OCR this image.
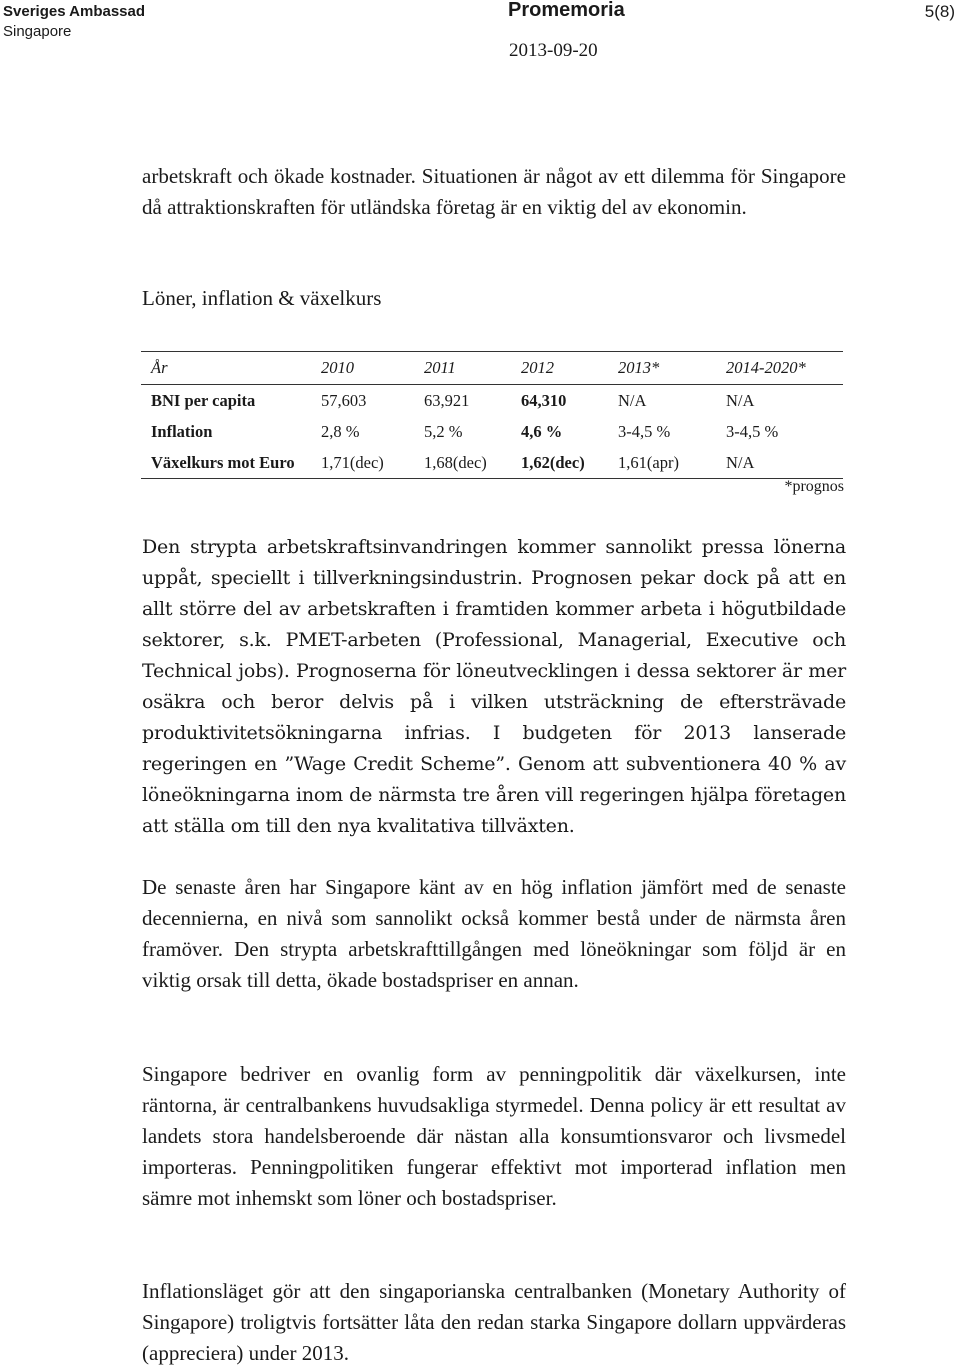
Sveriges Ambassad
Singapore
Promemoria
2013-09-20
5(8)

arbetskraft och ökade kostnader. Situationen är något av ett dilemma för Singapore då attraktionskraften för utländska företag är en viktig del av ekonomin.

Löner, inflation & växelkurs
År	2010	2011	2012	2013*	2014-2020*
BNI per capita	57,603	63,921	64,310	N/A	N/A
Inflation	2,8 %	5,2 %	4,6 %	3-4,5 %	3-4,5 %
Växelkurs mot Euro	1,71(dec)	1,68(dec)	1,62(dec)	1,61(apr)	N/A
*prognos

Den strypta arbetskraftsinvandringen kommer sannolikt pressa lönerna uppåt, speciellt i tillverkningsindustrin. Prognosen pekar dock på att en allt större del av arbetskraften i framtiden kommer arbeta i högutbildade sektorer, s.k. PMET-arbeten (Professional, Managerial, Executive och Technical jobs). Prognoserna för löneutvecklingen i dessa sektorer är mer osäkra och beror delvis på i vilken utsträckning de eftersträvade produktivitetsökningarna infrias. I budgeten för 2013 lanserade regeringen en ”Wage Credit Scheme”. Genom att subventionera 40 % av löneökningarna inom de närmsta tre åren vill regeringen hjälpa företagen att ställa om till den nya kvalitativa tillväxten.

De senaste åren har Singapore känt av en hög inflation jämfört med de senaste decennierna, en nivå som sannolikt också kommer bestå under de närmsta åren framöver. Den strypta arbetskrafttillgången med löneökningar som följd är en viktig orsak till detta, ökade bostadspriser en annan.

Singapore bedriver en ovanlig form av penningpolitik där växelkursen, inte räntorna, är centralbankens huvudsakliga styrmedel. Denna policy är ett resultat av landets stora handelsberoende där nästan alla konsumtionsvaror och livsmedel importeras. Penningpolitiken fungerar effektivt mot importerad inflation men sämre mot inhemskt som löner och bostadspriser.

Inflationsläget gör att den singaporianska centralbanken (Monetary Authority of Singapore) troligtvis fortsätter låta den redan starka Singapore dollarn uppvärderas (appreciera) under 2013.
